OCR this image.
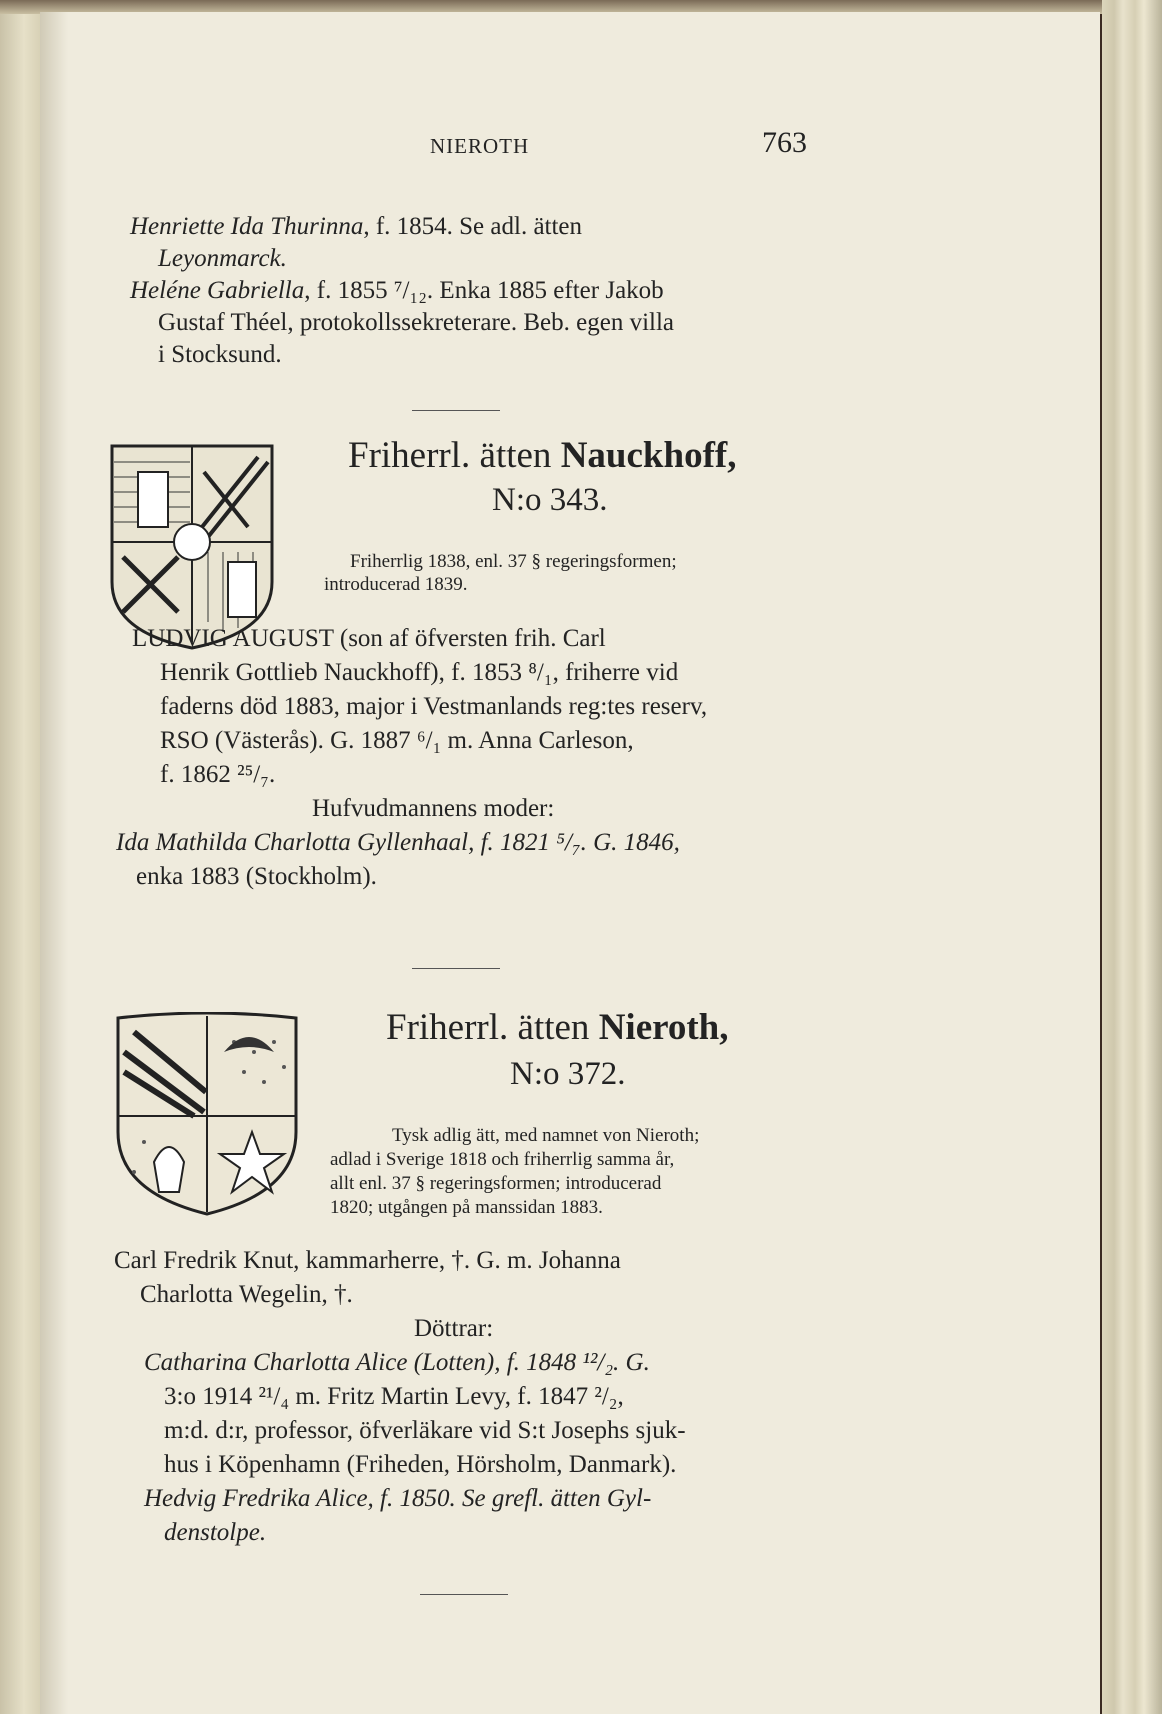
NIEROTH	763
Henriette Ida Thurinna, f. 1854. Se adl. ätten
Leyonmarck.
Heléne Gabriella, f. 1855 ⁷/₁₂. Enka 1885 efter Jakob
Gustaf Théel, protokollssekreterare. Beb. egen villa
i Stocksund.
Friherrl. ätten Nauckhoff,
N:o 343.
Friherrlig 1838, enl. 37 § regeringsformen;
introducerad 1839.
LUDVIG AUGUST (son af öfversten frih. Carl
Henrik Gottlieb Nauckhoff), f. 1853 ⁸/₁, friherre vid
faderns död 1883, major i Vestmanlands reg:tes reserv,
RSO (Västerås). G. 1887 ⁶/₁ m. Anna Carleson,
f. 1862 ²⁵/₇.
Hufvudmannens moder:
Ida Mathilda Charlotta Gyllenhaal, f. 1821 ⁵/₇. G. 1846,
enka 1883 (Stockholm).
Friherrl. ätten Nieroth,
N:o 372.
Tysk adlig ätt, med namnet von Nieroth;
adlad i Sverige 1818 och friherrlig samma år,
allt enl. 37 § regeringsformen; introducerad
1820; utgången på manssidan 1883.
Carl Fredrik Knut, kammarherre, †. G. m. Johanna
Charlotta Wegelin, †.
Döttrar:
Catharina Charlotta Alice (Lotten), f. 1848 ¹²/₂. G.
3:o 1914 ²¹/₄ m. Fritz Martin Levy, f. 1847 ²/₂,
m:d. d:r, professor, öfverläkare vid S:t Josephs sjuk-
hus i Köpenhamn (Friheden, Hörsholm, Danmark).
Hedvig Fredrika Alice, f. 1850. Se grefl. ätten Gyl-
denstolpe.
